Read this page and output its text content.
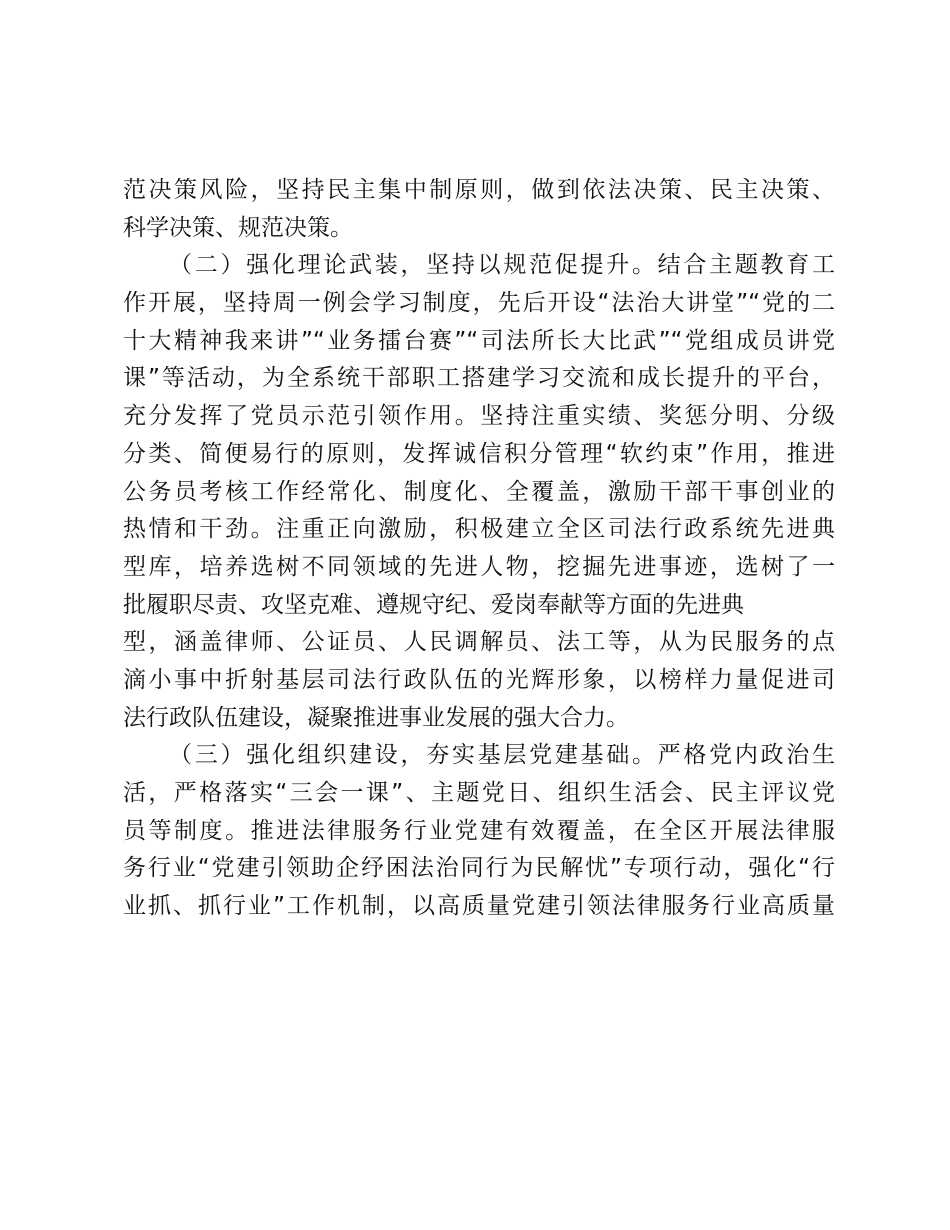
范决策风险，坚持民主集中制原则，做到依法决策、民主决策、
科学决策、规范决策。
（二）强化理论武装，坚持以规范促提升。结合主题教育工
作开展，坚持周一例会学习制度，先后开设“法治大讲堂”“党的二
十大精神我来讲”“业务擂台赛”“司法所长大比武”“党组成员讲党
课”等活动，为全系统干部职工搭建学习交流和成长提升的平台，
充分发挥了党员示范引领作用。坚持注重实绩、奖惩分明、分级
分类、简便易行的原则，发挥诚信积分管理“软约束”作用，推进
公务员考核工作经常化、制度化、全覆盖，激励干部干事创业的
热情和干劲。注重正向激励，积极建立全区司法行政系统先进典
型库，培养选树不同领域的先进人物，挖掘先进事迹，选树了一
批履职尽责、攻坚克难、遵规守纪、爱岗奉献等方面的先进典
型，涵盖律师、公证员、人民调解员、法工等，从为民服务的点
滴小事中折射基层司法行政队伍的光辉形象，以榜样力量促进司
法行政队伍建设，凝聚推进事业发展的强大合力。
（三）强化组织建设，夯实基层党建基础。严格党内政治生
活，严格落实“三会一课”、主题党日、组织生活会、民主评议党
员等制度。推进法律服务行业党建有效覆盖，在全区开展法律服
务行业“党建引领助企纾困法治同行为民解忧”专项行动，强化“行
业抓、抓行业”工作机制，以高质量党建引领法律服务行业高质量
